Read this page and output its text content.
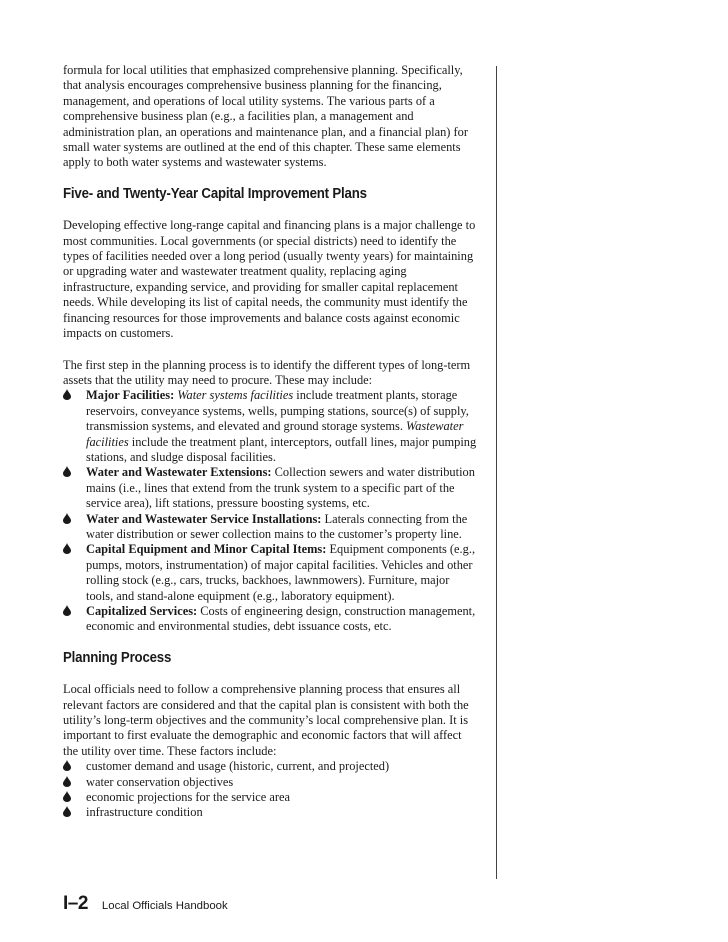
formula for local utilities that emphasized comprehensive planning. Specifically, that analysis encourages comprehensive business planning for the financing, management, and operations of local utility systems. The various parts of a comprehensive business plan (e.g., a facilities plan, a management and administration plan, an operations and maintenance plan, and a financial plan) for small water systems are outlined at the end of this chapter. These same elements apply to both water systems and wastewater systems.

Five- and Twenty-Year Capital Improvement Plans

Developing effective long-range capital and financing plans is a major challenge to most communities. Local governments (or special districts) need to identify the types of facilities needed over a long period (usually twenty years) for maintaining or upgrading water and wastewater treatment quality, replacing aging infrastructure, expanding service, and providing for smaller capital replacement needs. While developing its list of capital needs, the community must identify the financing resources for those improvements and balance costs against economic impacts on customers.

The first step in the planning process is to identify the different types of long-term assets that the utility may need to procure. These may include:

Major Facilities: Water systems facilities include treatment plants, storage reservoirs, conveyance systems, wells, pumping stations, source(s) of supply, transmission systems, and elevated and ground storage systems. Wastewater facilities include the treatment plant, interceptors, outfall lines, major pumping stations, and sludge disposal facilities.
Water and Wastewater Extensions: Collection sewers and water distribution mains (i.e., lines that extend from the trunk system to a specific part of the service area), lift stations, pressure boosting systems, etc.
Water and Wastewater Service Installations: Laterals connecting from the water distribution or sewer collection mains to the customer’s property line.
Capital Equipment and Minor Capital Items: Equipment components (e.g., pumps, motors, instrumentation) of major capital facilities. Vehicles and other rolling stock (e.g., cars, trucks, backhoes, lawnmowers). Furniture, major tools, and stand-alone equipment (e.g., laboratory equipment).
Capitalized Services: Costs of engineering design, construction management, economic and environmental studies, debt issuance costs, etc.
Planning Process

Local officials need to follow a comprehensive planning process that ensures all relevant factors are considered and that the capital plan is consistent with both the utility’s long-term objectives and the community’s local comprehensive plan. It is important to first evaluate the demographic and economic factors that will affect the utility over time. These factors include:

customer demand and usage (historic, current, and projected)
water conservation objectives
economic projections for the service area
infrastructure condition
I–2 Local Officials Handbook
